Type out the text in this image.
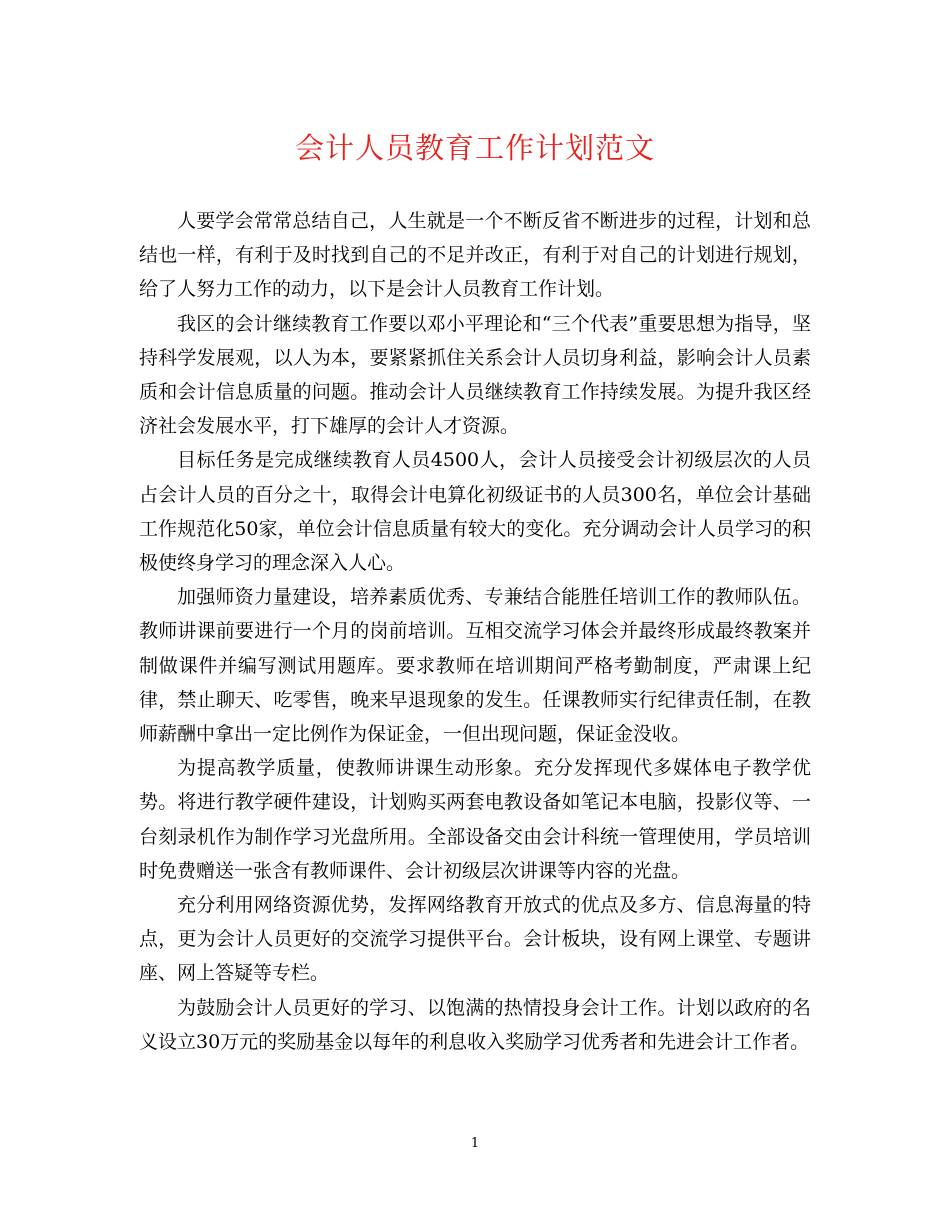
会计人员教育工作计划范文

人要学会常常总结自己，人生就是一个不断反省不断进步的过程，计划和总结也一样，有利于及时找到自己的不足并改正，有利于对自己的计划进行规划，给了人努力工作的动力，以下是会计人员教育工作计划。

我区的会计继续教育工作要以邓小平理论和“三个代表”重要思想为指导，坚持科学发展观，以人为本，要紧紧抓住关系会计人员切身利益，影响会计人员素质和会计信息质量的问题。推动会计人员继续教育工作持续发展。为提升我区经济社会发展水平，打下雄厚的会计人才资源。

目标任务是完成继续教育人员4500人，会计人员接受会计初级层次的人员占会计人员的百分之十，取得会计电算化初级证书的人员300名，单位会计基础工作规范化50家，单位会计信息质量有较大的变化。充分调动会计人员学习的积极使终身学习的理念深入人心。

加强师资力量建设，培养素质优秀、专兼结合能胜任培训工作的教师队伍。教师讲课前要进行一个月的岗前培训。互相交流学习体会并最终形成最终教案并制做课件并编写测试用题库。要求教师在培训期间严格考勤制度，严肃课上纪律，禁止聊天、吃零售，晚来早退现象的发生。任课教师实行纪律责任制，在教师薪酬中拿出一定比例作为保证金，一但出现问题，保证金没收。

为提高教学质量，使教师讲课生动形象。充分发挥现代多媒体电子教学优势。将进行教学硬件建设，计划购买两套电教设备如笔记本电脑，投影仪等、一台刻录机作为制作学习光盘所用。全部设备交由会计科统一管理使用，学员培训时免费赠送一张含有教师课件、会计初级层次讲课等内容的光盘。

充分利用网络资源优势，发挥网络教育开放式的优点及多方、信息海量的特点，更为会计人员更好的交流学习提供平台。会计板块，设有网上课堂、专题讲座、网上答疑等专栏。

为鼓励会计人员更好的学习、以饱满的热情投身会计工作。计划以政府的名义设立30万元的奖励基金以每年的利息收入奖励学习优秀者和先进会计工作者。

1
